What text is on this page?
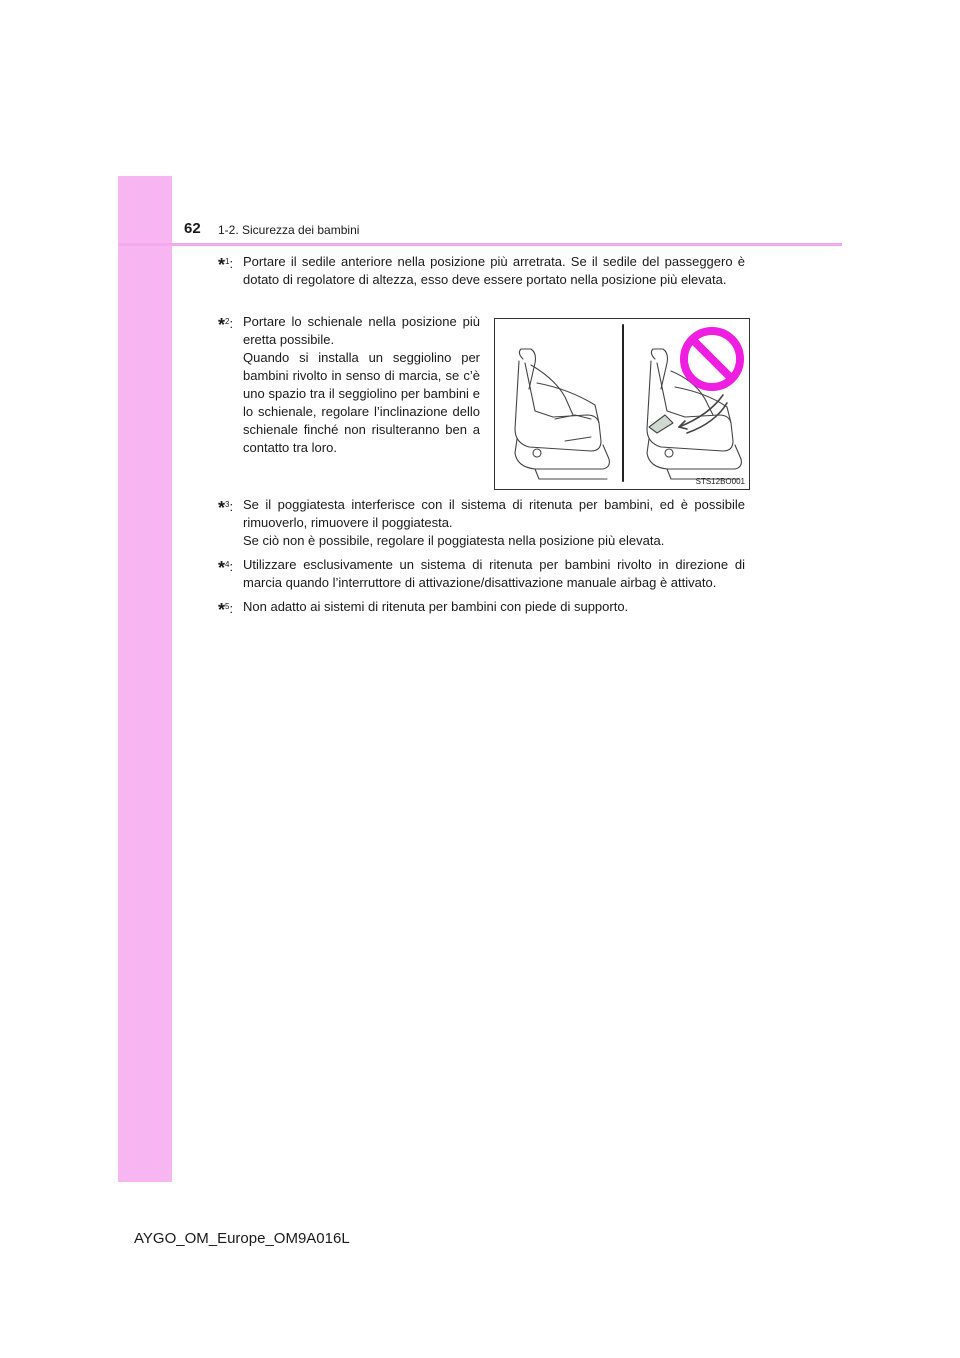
62 1-2. Sicurezza dei bambini
*$^1$: Portare il sedile anteriore nella posizione più arretrata. Se il sedile del passeggero è dotato di regolatore di altezza, esso deve essere portato nella posizione più elevata.

*$^2$: Portare lo schienale nella posizione più eretta possibile.

Quando si installa un seggiolino per bambini rivolto in senso di marcia, se c’è uno spazio tra il seggiolino per bambini e lo schienale, regolare l’inclinazione dello schienale finché non risulteranno ben a contatto tra loro.

STS12BO001
*$^3$: Se il poggiatesta interferisce con il sistema di ritenuta per bambini, ed è possibile rimuoverlo, rimuovere il poggiatesta.

Se ciò non è possibile, regolare il poggiatesta nella posizione più elevata.

*$^4$: Utilizzare esclusivamente un sistema di ritenuta per bambini rivolto in direzione di marcia quando l’interruttore di attivazione/disattivazione manuale airbag è attivato.

*$^5$: Non adatto ai sistemi di ritenuta per bambini con piede di supporto.

AYGO_OM_Europe_OM9A016L
